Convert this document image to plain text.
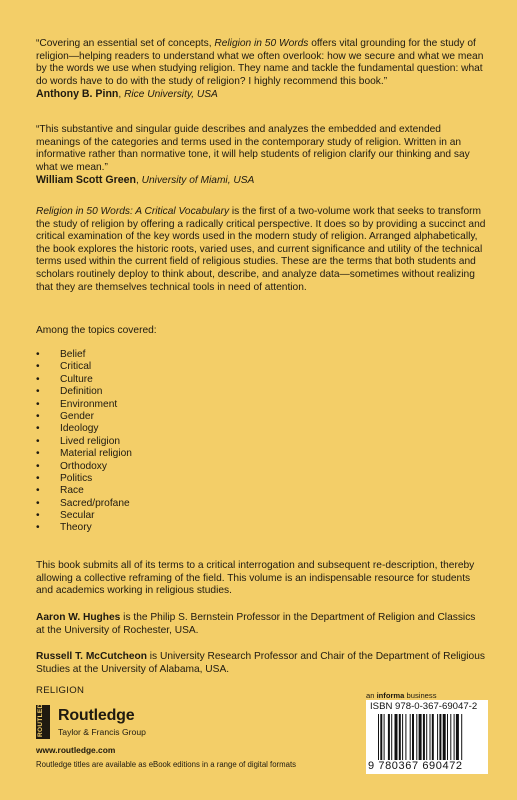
“Covering an essential set of concepts, Religion in 50 Words offers vital grounding for the study of religion—helping readers to understand what we often overlook: how we secure and what we mean by the words we use when studying religion. They name and tackle the fundamental question: what do words have to do with the study of religion? I highly recommend this book.”

Anthony B. Pinn, Rice University, USA

“This substantive and singular guide describes and analyzes the embedded and extended meanings of the categories and terms used in the contemporary study of religion. Written in an informative rather than normative tone, it will help students of religion clarify our thinking and say what we mean.”

William Scott Green, University of Miami, USA

Religion in 50 Words: A Critical Vocabulary is the first of a two-volume work that seeks to transform the study of religion by offering a radically critical perspective. It does so by providing a succinct and critical examination of the key words used in the modern study of religion. Arranged alphabetically, the book explores the historic roots, varied uses, and current significance and utility of the technical terms used within the current field of religious studies. These are the terms that both students and scholars routinely deploy to think about, describe, and analyze data—sometimes without realizing that they are themselves technical tools in need of attention.

Among the topics covered:

• Belief
• Critical
• Culture
• Definition
• Environment
• Gender
• Ideology
• Lived religion
• Material religion
• Orthodoxy
• Politics
• Race
• Sacred/profane
• Secular
• Theory

This book submits all of its terms to a critical interrogation and subsequent re-description, thereby allowing a collective reframing of the field. This volume is an indispensable resource for students and academics working in religious studies.

Aaron W. Hughes is the Philip S. Bernstein Professor in the Department of Religion and Classics at the University of Rochester, USA.

Russell T. McCutcheon is University Research Professor and Chair of the Department of Religious Studies at the University of Alabama, USA.

RELIGION
ROUTLEDGE Routledge
Taylor & Francis Group
www.routledge.com
Routledge titles are available as eBook editions in a range of digital formats
an informa business
ISBN 978-0-367-69047-2
9 780367 690472
